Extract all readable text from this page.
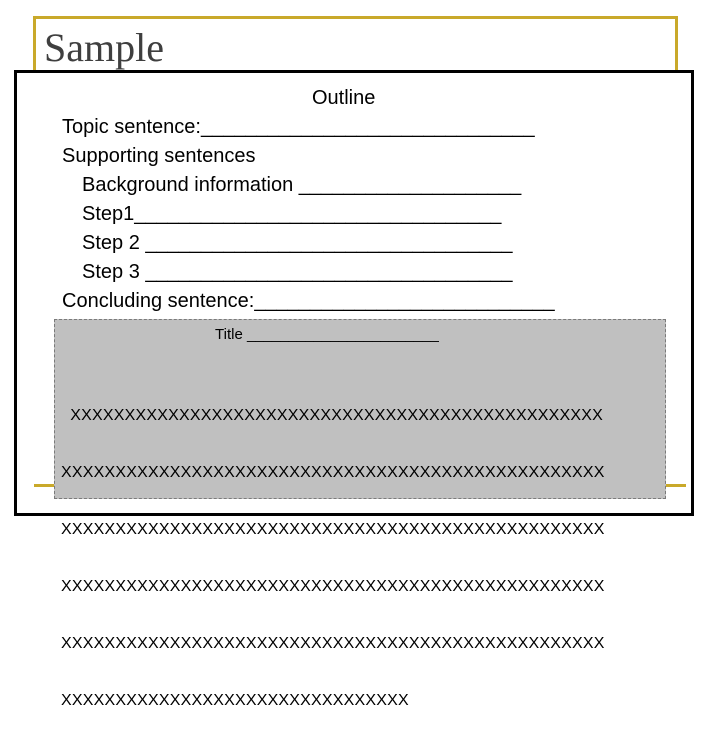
Sample
Outline
Topic sentence:______________________________
Supporting sentences
Background information ____________________
Step1_________________________________
Step 2 _________________________________
Step 3 _________________________________
Concluding sentence:___________________________
Title _______________________

XXXXXXXXXXXXXXXXXXXXXXXXXXXXXXXXXXXXXXXXXXXXXXXXX

XXXXXXXXXXXXXXXXXXXXXXXXXXXXXXXXXXXXXXXXXXXXXXXXXX

XXXXXXXXXXXXXXXXXXXXXXXXXXXXXXXXXXXXXXXXXXXXXXXXXX

XXXXXXXXXXXXXXXXXXXXXXXXXXXXXXXXXXXXXXXXXXXXXXXXXX

XXXXXXXXXXXXXXXXXXXXXXXXXXXXXXXXXXXXXXXXXXXXXXXXXX

XXXXXXXXXXXXXXXXXXXXXXXXXXXXXXXX
